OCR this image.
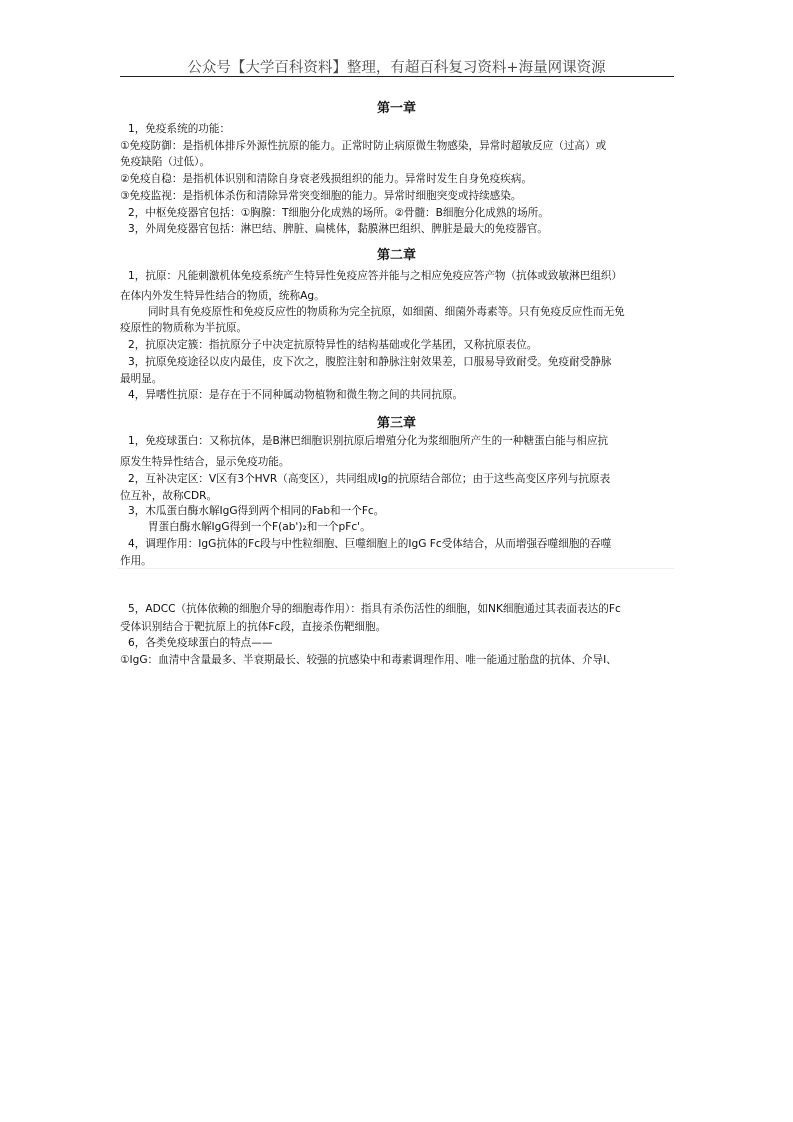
公众号【大学百科资料】整理，有超百科复习资料+海量网课资源
第一章
1，免疫系统的功能：
①免疫防御：是指机体排斥外源性抗原的能力。正常时防止病原微生物感染，异常时超敏反应（过高）或
免疫缺陷（过低）。
②免疫自稳：是指机体识别和清除自身衰老残损组织的能力。异常时发生自身免疫疾病。
③免疫监视：是指机体杀伤和清除异常突变细胞的能力。异常时细胞突变或持续感染。
2，中枢免疫器官包括：①胸腺：T细胞分化成熟的场所。②骨髓：B细胞分化成熟的场所。
3，外周免疫器官包括：淋巴结、脾脏、扁桃体，黏膜淋巴组织、脾脏是最大的免疫器官。
第二章
1，抗原：凡能刺激机体免疫系统产生特异性免疫应答并能与之相应免疫应答产物（抗体或致敏淋巴组织）
在体内外发生特异性结合的物质，统称Ag。
同时具有免疫原性和免疫反应性的物质称为完全抗原，如细菌、细菌外毒素等。只有免疫反应性而无免
疫原性的物质称为半抗原。
2，抗原决定簇：指抗原分子中决定抗原特异性的结构基础或化学基团，又称抗原表位。
3，抗原免疫途径以皮内最佳，皮下次之，腹腔注射和静脉注射效果差，口服易导致耐受。免疫耐受静脉
最明显。
4，异嗜性抗原：是存在于不同种属动物植物和微生物之间的共同抗原。
第三章
1，免疫球蛋白：又称抗体，是B淋巴细胞识别抗原后增殖分化为浆细胞所产生的一种糖蛋白能与相应抗
原发生特异性结合，显示免疫功能。
2，互补决定区：V区有3个HVR（高变区），共同组成Ig的抗原结合部位；由于这些高变区序列与抗原表
位互补，故称CDR。
3，木瓜蛋白酶水解IgG得到两个相同的Fab和一个Fc。
胃蛋白酶水解IgG得到一个F(ab')₂和一个pFc'。
4，调理作用：IgG抗体的Fc段与中性粒细胞、巨噬细胞上的IgG Fc受体结合，从而增强吞噬细胞的吞噬
作用。
5，ADCC（抗体依赖的细胞介导的细胞毒作用）：指具有杀伤活性的细胞，如NK细胞通过其表面表达的Fc
受体识别结合于靶抗原上的抗体Fc段，直接杀伤靶细胞。
6，各类免疫球蛋白的特点——
①IgG：血清中含量最多、半衰期最长、较强的抗感染中和毒素调理作用、唯一能通过胎盘的抗体、介导Ⅰ、
